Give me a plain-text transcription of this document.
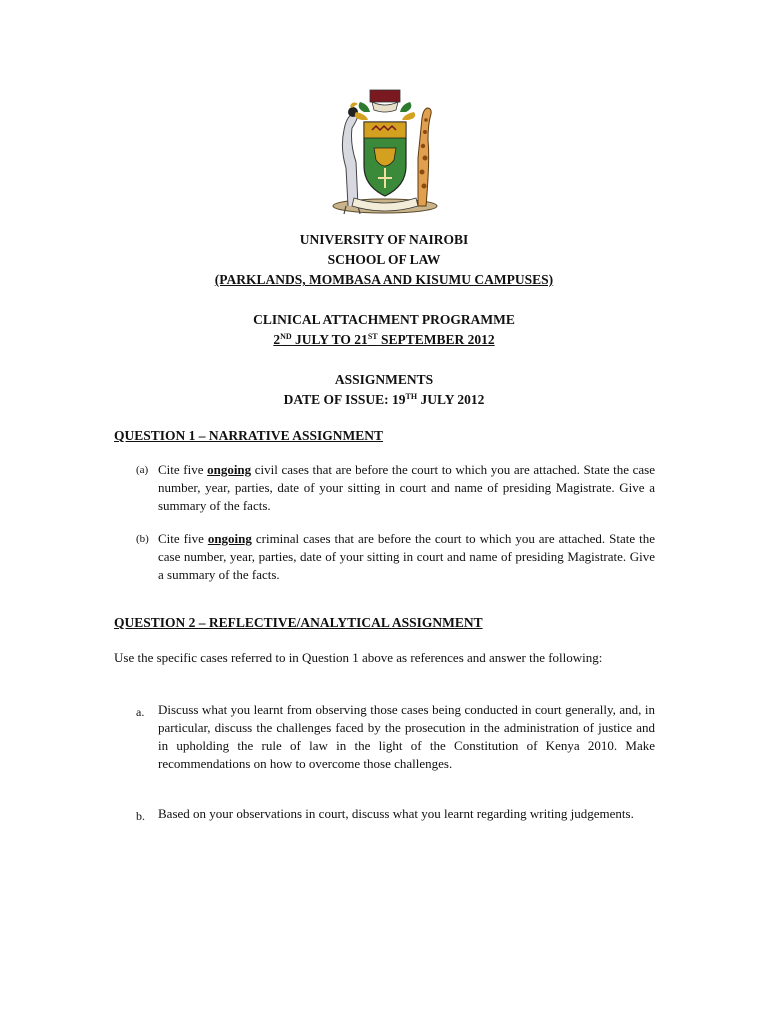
UNIVERSITY OF NAIROBI
SCHOOL OF LAW
(PARKLANDS, MOMBASA AND KISUMU CAMPUSES)
CLINICAL ATTACHMENT PROGRAMME
2ND JULY TO 21ST SEPTEMBER 2012
ASSIGNMENTS
DATE OF ISSUE: 19TH JULY 2012
QUESTION 1 – NARRATIVE ASSIGNMENT
(a) Cite five ongoing civil cases that are before the court to which you are attached. State the case number, year, parties, date of your sitting in court and name of presiding Magistrate. Give a summary of the facts.
(b) Cite five ongoing criminal cases that are before the court to which you are attached. State the case number, year, parties, date of your sitting in court and name of presiding Magistrate. Give a summary of the facts.
QUESTION 2 – REFLECTIVE/ANALYTICAL ASSIGNMENT
Use the specific cases referred to in Question 1 above as references and answer the following:
a. Discuss what you learnt from observing those cases being conducted in court generally, and, in particular, discuss the challenges faced by the prosecution in the administration of justice and in upholding the rule of law in the light of the Constitution of Kenya 2010. Make recommendations on how to overcome those challenges.
b. Based on your observations in court, discuss what you learnt regarding writing judgements.
